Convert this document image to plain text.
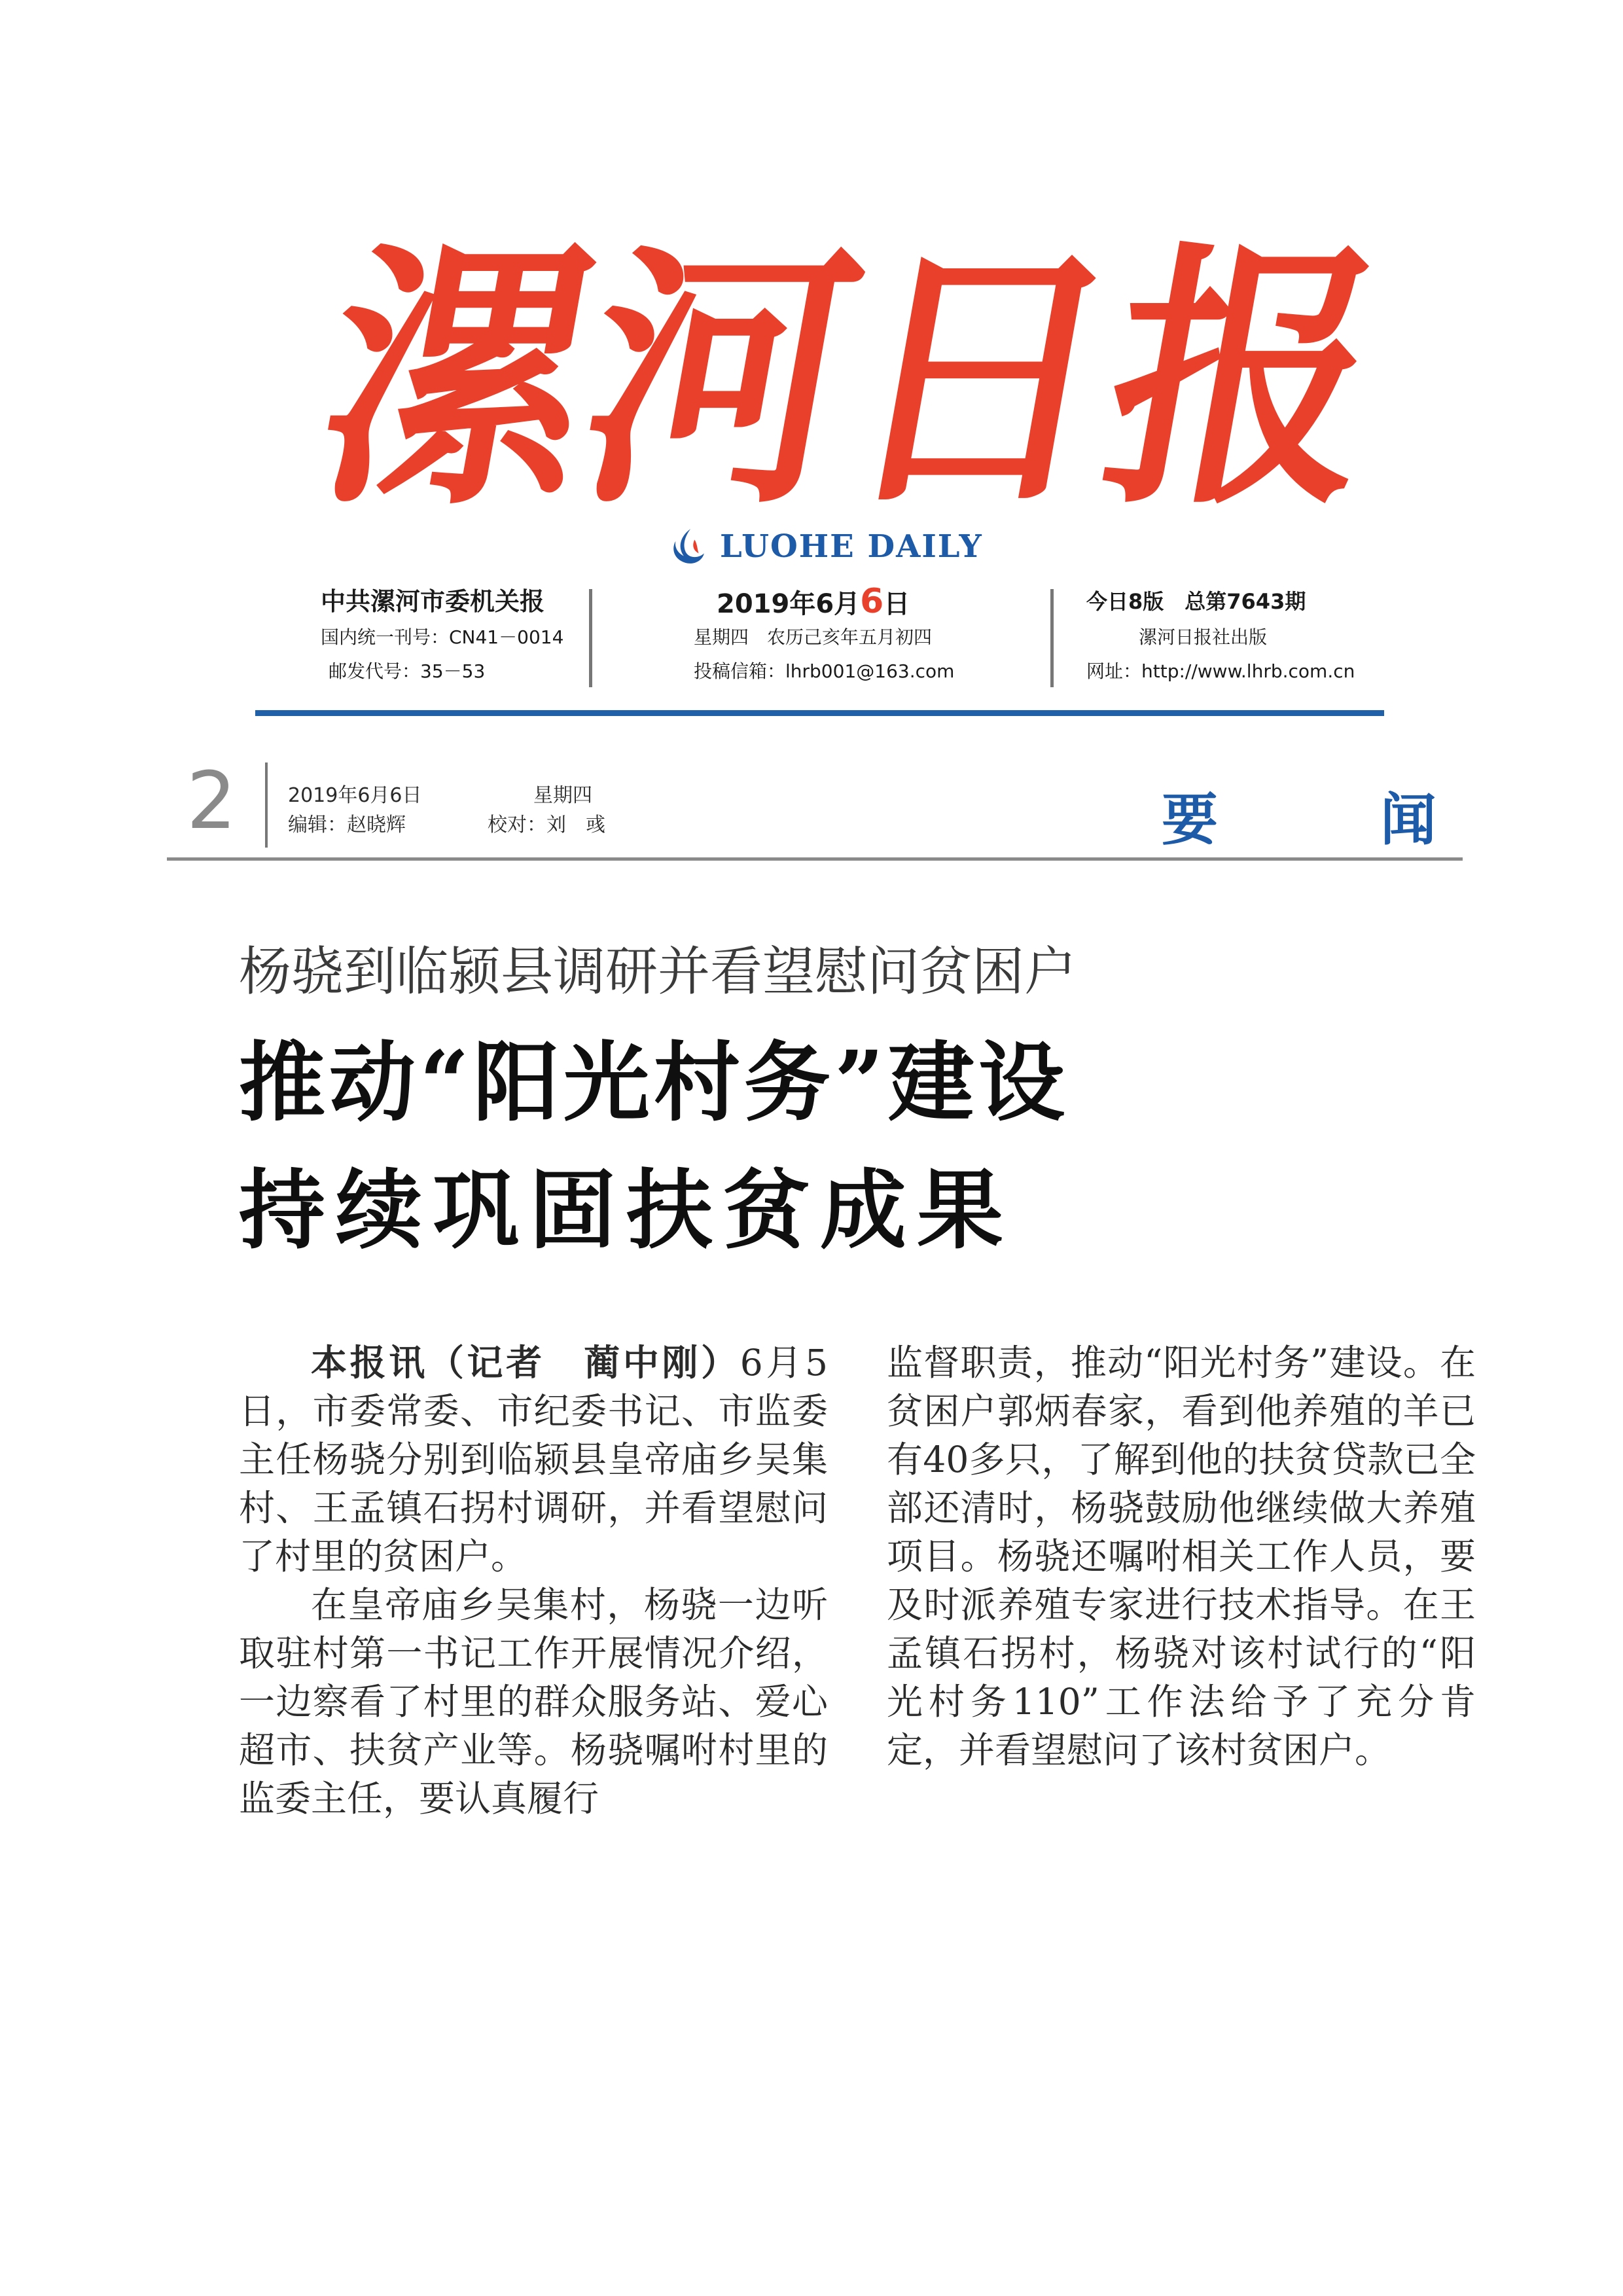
漯
河
日
报
LUOHE DAILY
中共漯河市委机关报
国内统一刊号：CN41－0014
邮发代号：35－53
2019年6月6日
星期四　农历己亥年五月初四
投稿信箱：lhrb001@163.com
今日8版　总第7643期
漯河日报社出版
网址：http://www.lhrb.com.cn
2	2019年6月6日	星期四
编辑：赵晓辉	校对：刘　彧	要	闻
杨骁到临颍县调研并看望慰问贫困户
推动“阳光村务”建设
持续巩固扶贫成果

本报讯（记者　蔺中刚）6月5日，市委常委、市纪委书记、市监委主任杨骁分别到临颍县皇帝庙乡吴集村、王孟镇石拐村调研，并看望慰问了村里的贫困户。

在皇帝庙乡吴集村，杨骁一边听取驻村第一书记工作开展情况介绍，一边察看了村里的群众服务站、爱心超市、扶贫产业等。杨骁嘱咐村里的监委主任，要认真履行

监督职责，推动“阳光村务”建设。在贫困户郭炳春家，看到他养殖的羊已有40多只，了解到他的扶贫贷款已全部还清时，杨骁鼓励他继续做大养殖项目。杨骁还嘱咐相关工作人员，要及时派养殖专家进行技术指导。在王孟镇石拐村，杨骁对该村试行的“阳光村务110”工作法给予了充分肯定，并看望慰问了该村贫困户。
